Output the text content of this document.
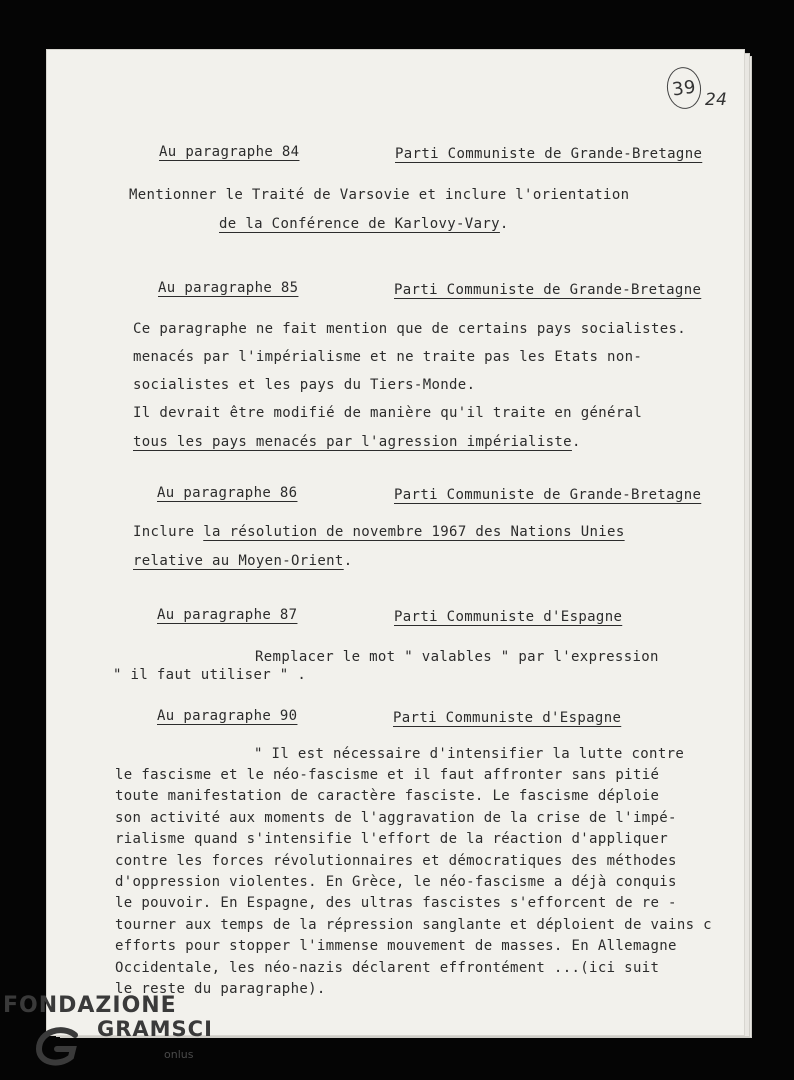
39 24
Au paragraphe 84	Parti Communiste de Grande-Bretagne
Mentionner le Traité de Varsovie et inclure l'orientation
de la Conférence de Karlovy-Vary.
Au paragraphe 85	Parti Communiste de Grande-Bretagne
Ce paragraphe ne fait mention que de certains pays socialistes.
menacés par l'impérialisme et ne traite pas les Etats non-
socialistes et les pays du Tiers-Monde.
Il devrait être modifié de manière qu'il traite en général
tous les pays menacés par l'agression impérialiste.
Au paragraphe 86	Parti Communiste de Grande-Bretagne
Inclure la résolution de novembre 1967 des Nations Unies
relative au Moyen-Orient.
Au paragraphe 87	Parti Communiste d'Espagne
Remplacer le mot " valables " par l'expression
" il faut utiliser " .
Au paragraphe 90	Parti Communiste d'Espagne
" Il est nécessaire d'intensifier la lutte contre
le fascisme et le néo-fascisme et il faut affronter sans pitié
toute manifestation de caractère fasciste. Le fascisme déploie
son activité aux moments de l'aggravation de la crise de l'impé-
rialisme quand s'intensifie l'effort de la réaction d'appliquer
contre les forces révolutionnaires et démocratiques des méthodes
d'oppression violentes. En Grèce, le néo-fascisme a déjà conquis
le pouvoir. En Espagne, des ultras fascistes s'efforcent de re -
tourner aux temps de la répression sanglante et déploient de vains c
efforts pour stopper l'immense mouvement de masses. En Allemagne
Occidentale, les néo-nazis déclarent effrontément ...(ici suit
le reste du paragraphe).
FONDAZIONE
GRAMSCI
onlus
